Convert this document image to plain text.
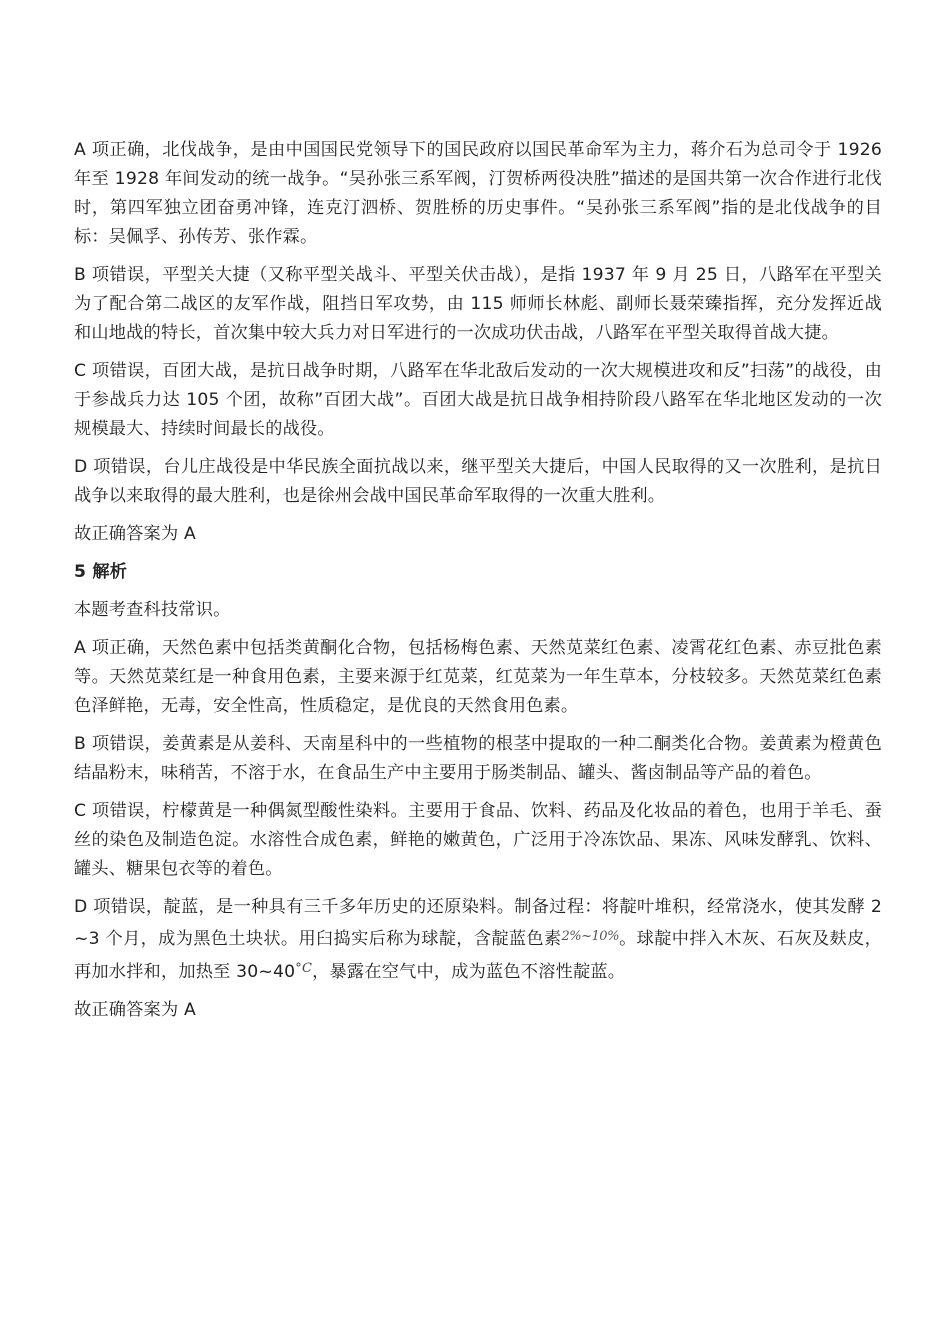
A 项正确，北伐战争，是由中国国民党领导下的国民政府以国民革命军为主力，蒋介石为总司令于 1926 年至 1928 年间发动的统一战争。“吴孙张三系军阀，汀贺桥两役决胜”描述的是国共第一次合作进行北伐时，第四军独立团奋勇冲锋，连克汀泗桥、贺胜桥的历史事件。“吴孙张三系军阀”指的是北伐战争的目标：吴佩孚、孙传芳、张作霖。

B 项错误，平型关大捷（又称平型关战斗、平型关伏击战），是指 1937 年 9 月 25 日，八路军在平型关为了配合第二战区的友军作战，阻挡日军攻势，由 115 师师长林彪、副师长聂荣臻指挥，充分发挥近战和山地战的特长，首次集中较大兵力对日军进行的一次成功伏击战，八路军在平型关取得首战大捷。

C 项错误，百团大战，是抗日战争时期，八路军在华北敌后发动的一次大规模进攻和反”扫荡”的战役，由于参战兵力达 105 个团，故称”百团大战”。百团大战是抗日战争相持阶段八路军在华北地区发动的一次规模最大、持续时间最长的战役。

D 项错误，台儿庄战役是中华民族全面抗战以来，继平型关大捷后，中国人民取得的又一次胜利，是抗日战争以来取得的最大胜利，也是徐州会战中国民革命军取得的一次重大胜利。

故正确答案为 A

5 解析

本题考查科技常识。

A 项正确，天然色素中包括类黄酮化合物，包括杨梅色素、天然苋菜红色素、凌霄花红色素、赤豆批色素等。天然苋菜红是一种食用色素，主要来源于红苋菜，红苋菜为一年生草本，分枝较多。天然苋菜红色素色泽鲜艳，无毒，安全性高，性质稳定，是优良的天然食用色素。

B 项错误，姜黄素是从姜科、天南星科中的一些植物的根茎中提取的一种二酮类化合物。姜黄素为橙黄色结晶粉末，味稍苦，不溶于水，在食品生产中主要用于肠类制品、罐头、酱卤制品等产品的着色。

C 项错误，柠檬黄是一种偶氮型酸性染料。主要用于食品、饮料、药品及化妆品的着色，也用于羊毛、蚕丝的染色及制造色淀。水溶性合成色素，鲜艳的嫩黄色，广泛用于冷冻饮品、果冻、风味发酵乳、饮料、罐头、糖果包衣等的着色。

D 项错误，靛蓝，是一种具有三千多年历史的还原染料。制备过程：将靛叶堆积，经常浇水，使其发酵 2~3 个月，成为黑色土块状。用臼捣实后称为球靛，含靛蓝色素$^{2\%\sim 10\%}$。球靛中拌入木灰、石灰及麸皮，再加水拌和，加热至 $30\sim 40^{^\circ C}$，暴露在空气中，成为蓝色不溶性靛蓝。

故正确答案为 A
